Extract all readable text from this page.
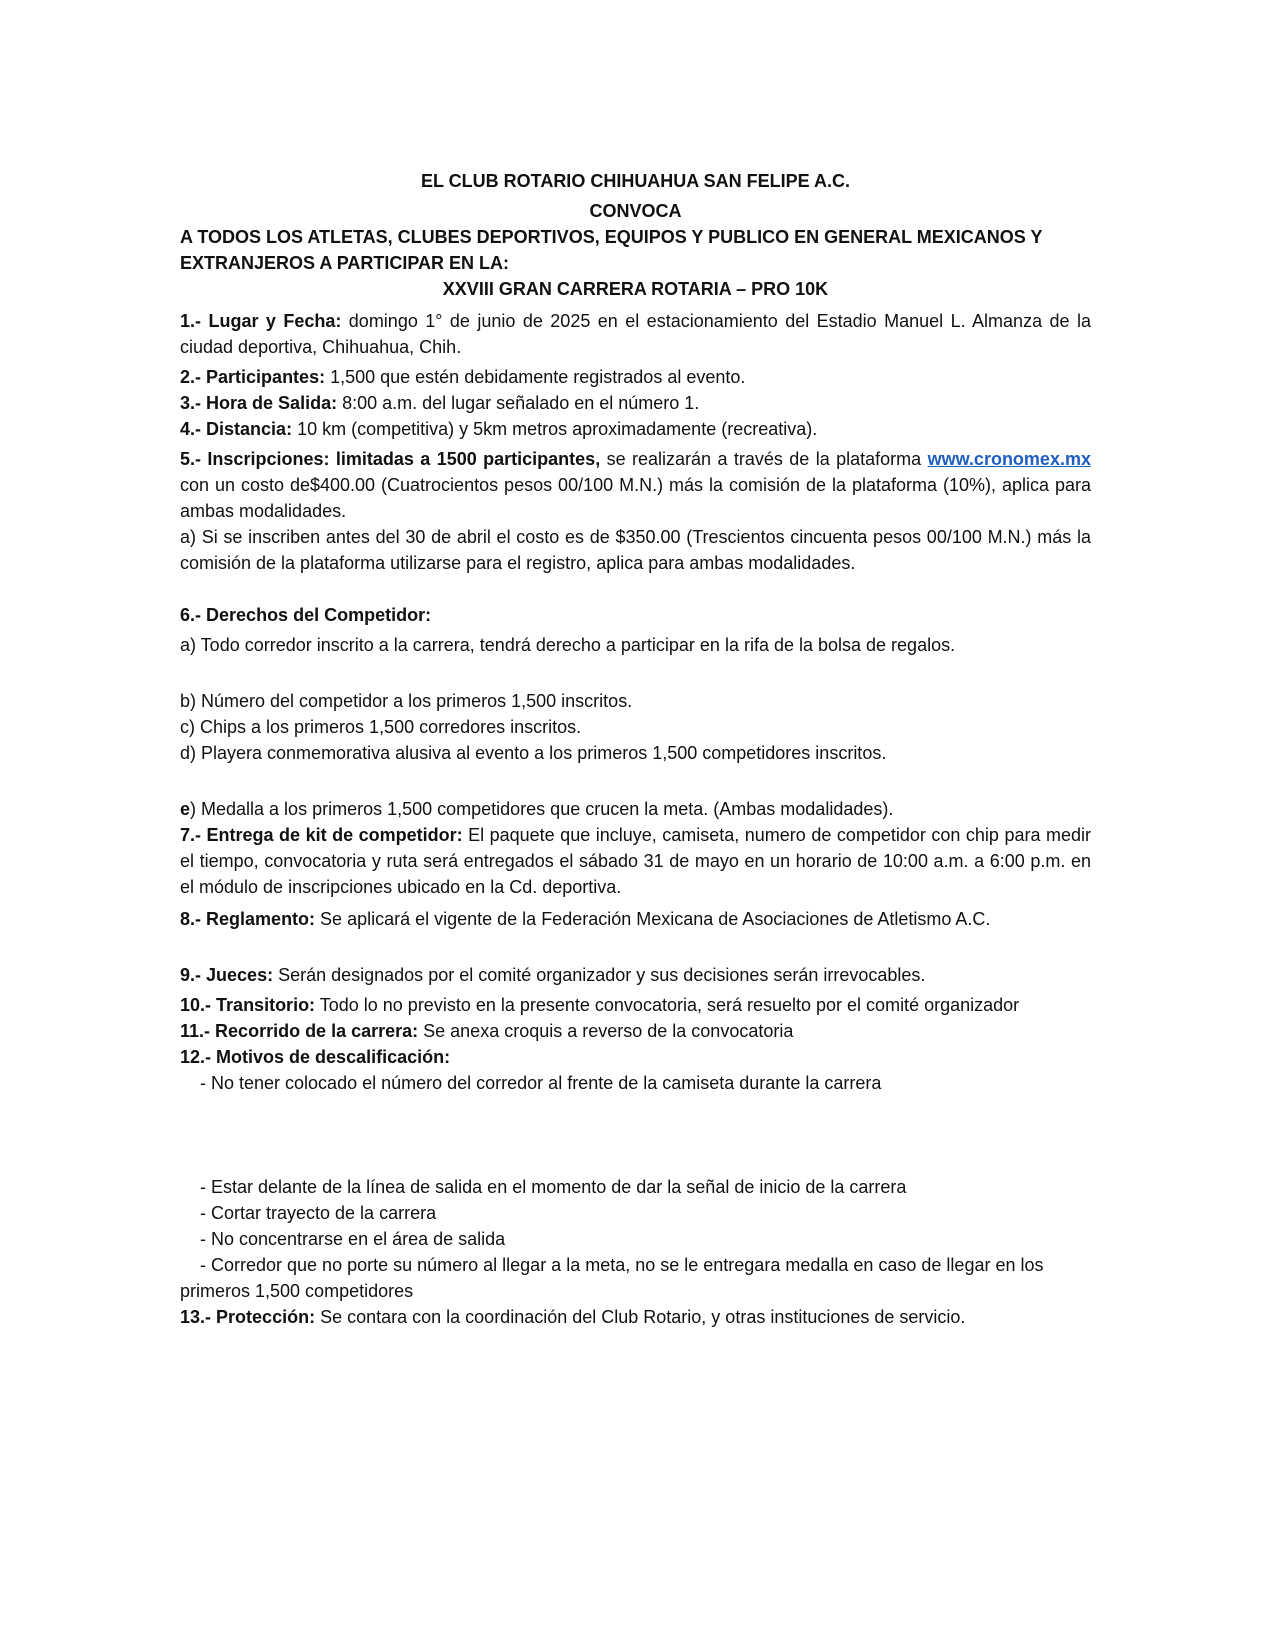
EL CLUB ROTARIO CHIHUAHUA SAN FELIPE A.C.

CONVOCA

A TODOS LOS ATLETAS, CLUBES DEPORTIVOS, EQUIPOS Y PUBLICO EN GENERAL MEXICANOS Y EXTRANJEROS A PARTICIPAR EN LA:

XXVIII GRAN CARRERA ROTARIA – PRO 10K

1.- Lugar y Fecha: domingo 1° de junio de 2025 en el estacionamiento del Estadio Manuel L. Almanza de la ciudad deportiva, Chihuahua, Chih.

2.- Participantes: 1,500 que estén debidamente registrados al evento.

3.- Hora de Salida: 8:00 a.m. del lugar señalado en el número 1.

4.- Distancia: 10 km (competitiva) y 5km metros aproximadamente (recreativa).

5.- Inscripciones: limitadas a 1500 participantes, se realizarán a través de la plataforma www.cronomex.mx con un costo de$400.00 (Cuatrocientos pesos 00/100 M.N.) más la comisión de la plataforma (10%), aplica para ambas modalidades.

a) Si se inscriben antes del 30 de abril el costo es de $350.00 (Trescientos cincuenta pesos 00/100 M.N.) más la comisión de la plataforma utilizarse para el registro, aplica para ambas modalidades.

6.- Derechos del Competidor:

a) Todo corredor inscrito a la carrera, tendrá derecho a participar en la rifa de la bolsa de regalos.

b) Número del competidor a los primeros 1,500 inscritos.

c) Chips a los primeros 1,500 corredores inscritos.

d) Playera conmemorativa alusiva al evento a los primeros 1,500 competidores inscritos.

e) Medalla a los primeros 1,500 competidores que crucen la meta. (Ambas modalidades).

7.- Entrega de kit de competidor: El paquete que incluye, camiseta, numero de competidor con chip para medir el tiempo, convocatoria y ruta será entregados el sábado 31 de mayo en un horario de 10:00 a.m. a 6:00 p.m. en el módulo de inscripciones ubicado en la Cd. deportiva.

8.- Reglamento: Se aplicará el vigente de la Federación Mexicana de Asociaciones de Atletismo A.C.

9.- Jueces: Serán designados por el comité organizador y sus decisiones serán irrevocables.

10.- Transitorio: Todo lo no previsto en la presente convocatoria, será resuelto por el comité organizador

11.- Recorrido de la carrera: Se anexa croquis a reverso de la convocatoria

12.- Motivos de descalificación:

- No tener colocado el número del corredor al frente de la camiseta durante la carrera

- Estar delante de la línea de salida en el momento de dar la señal de inicio de la carrera

- Cortar trayecto de la carrera

- No concentrarse en el área de salida

- Corredor que no porte su número al llegar a la meta, no se le entregara medalla en caso de llegar en los primeros 1,500 competidores

13.- Protección: Se contara con la coordinación del Club Rotario, y otras instituciones de servicio.
